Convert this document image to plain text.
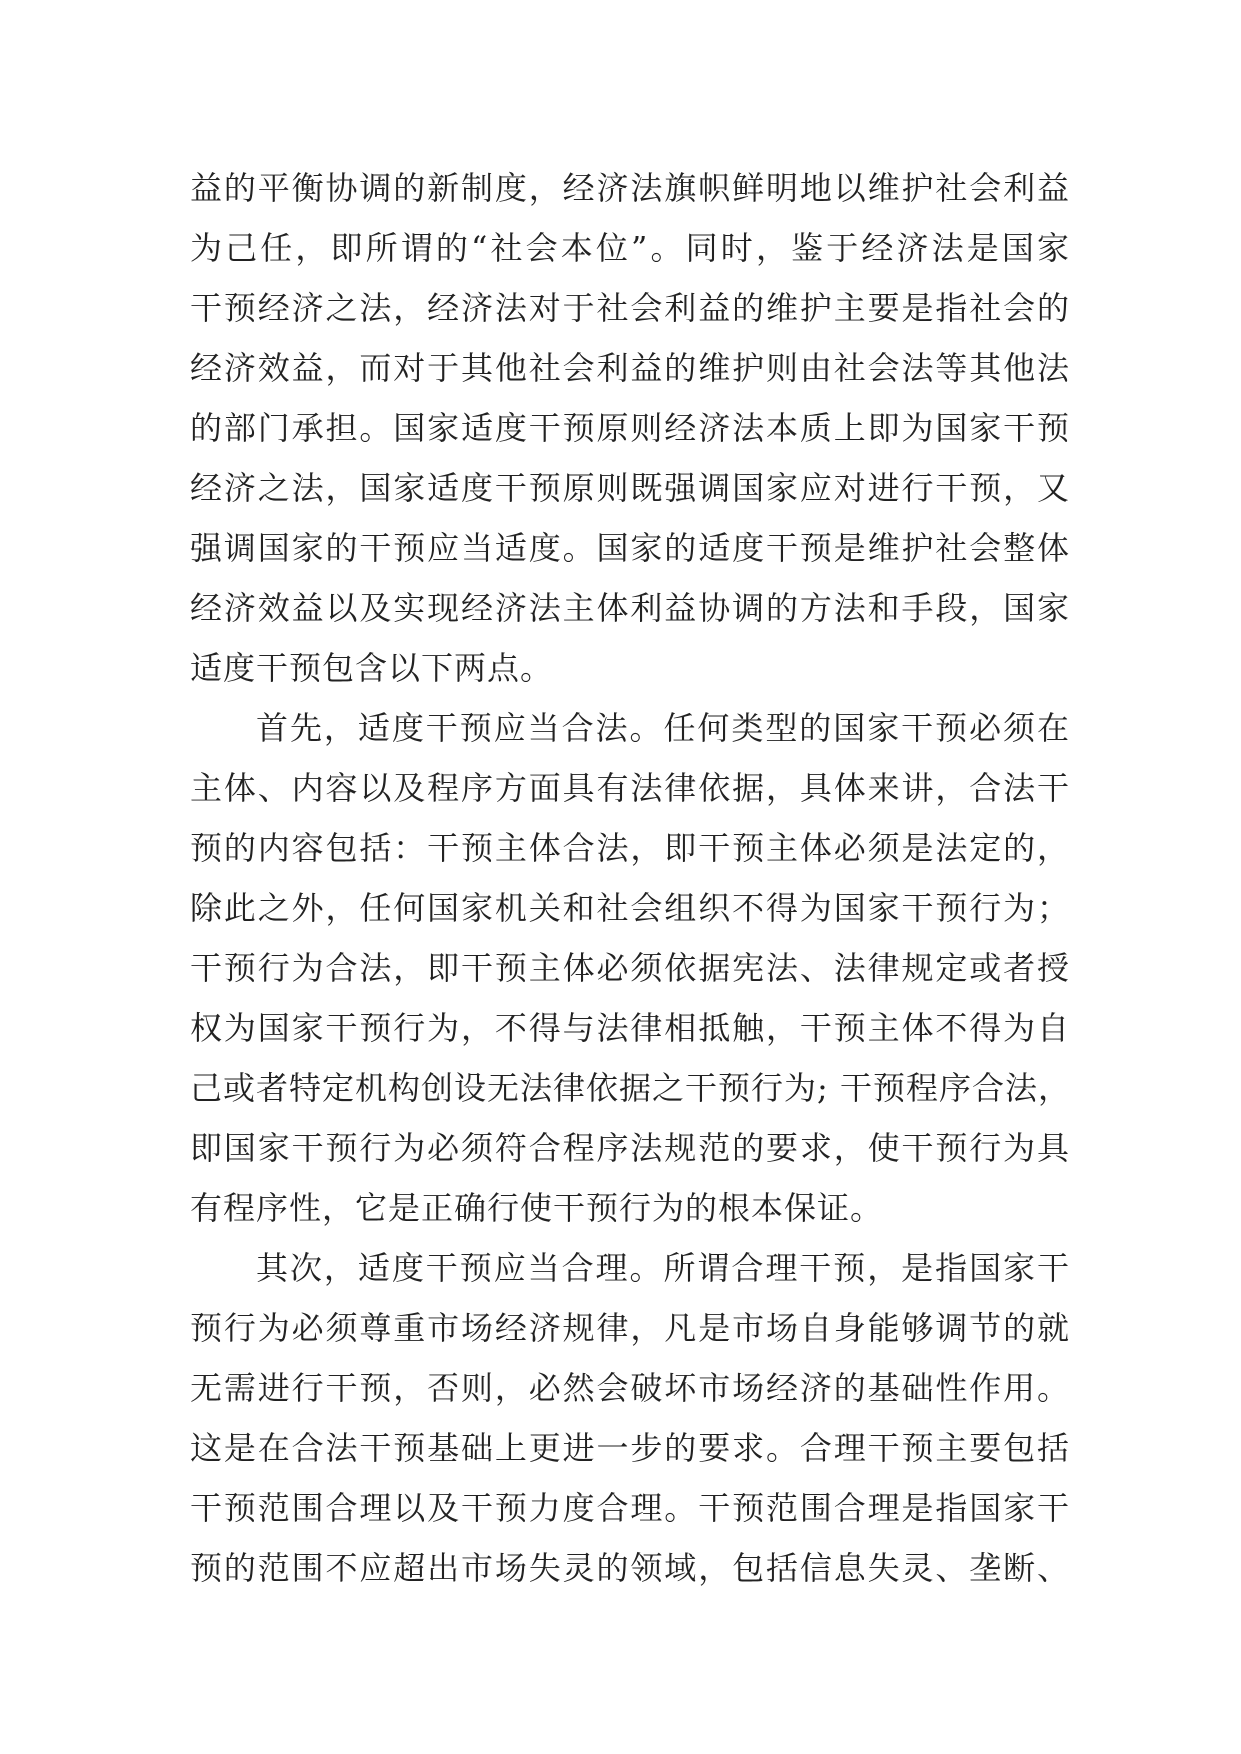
益的平衡协调的新制度，经济法旗帜鲜明地以维护社会利益
为己任，即所谓的“社会本位”。同时，鉴于经济法是国家
干预经济之法，经济法对于社会利益的维护主要是指社会的
经济效益，而对于其他社会利益的维护则由社会法等其他法
的部门承担。国家适度干预原则经济法本质上即为国家干预
经济之法，国家适度干预原则既强调国家应对进行干预，又
强调国家的干预应当适度。国家的适度干预是维护社会整体
经济效益以及实现经济法主体利益协调的方法和手段，国家
适度干预包含以下两点。
首先，适度干预应当合法。任何类型的国家干预必须在
主体、内容以及程序方面具有法律依据，具体来讲，合法干
预的内容包括：干预主体合法，即干预主体必须是法定的，
除此之外，任何国家机关和社会组织不得为国家干预行为；
干预行为合法，即干预主体必须依据宪法、法律规定或者授
权为国家干预行为，不得与法律相抵触，干预主体不得为自
己或者特定机构创设无法律依据之干预行为; 干预程序合法，
即国家干预行为必须符合程序法规范的要求，使干预行为具
有程序性，它是正确行使干预行为的根本保证。
其次，适度干预应当合理。所谓合理干预，是指国家干
预行为必须尊重市场经济规律，凡是市场自身能够调节的就
无需进行干预，否则，必然会破坏市场经济的基础性作用。
这是在合法干预基础上更进一步的要求。合理干预主要包括
干预范围合理以及干预力度合理。干预范围合理是指国家干
预的范围不应超出市场失灵的领域，包括信息失灵、垄断、
